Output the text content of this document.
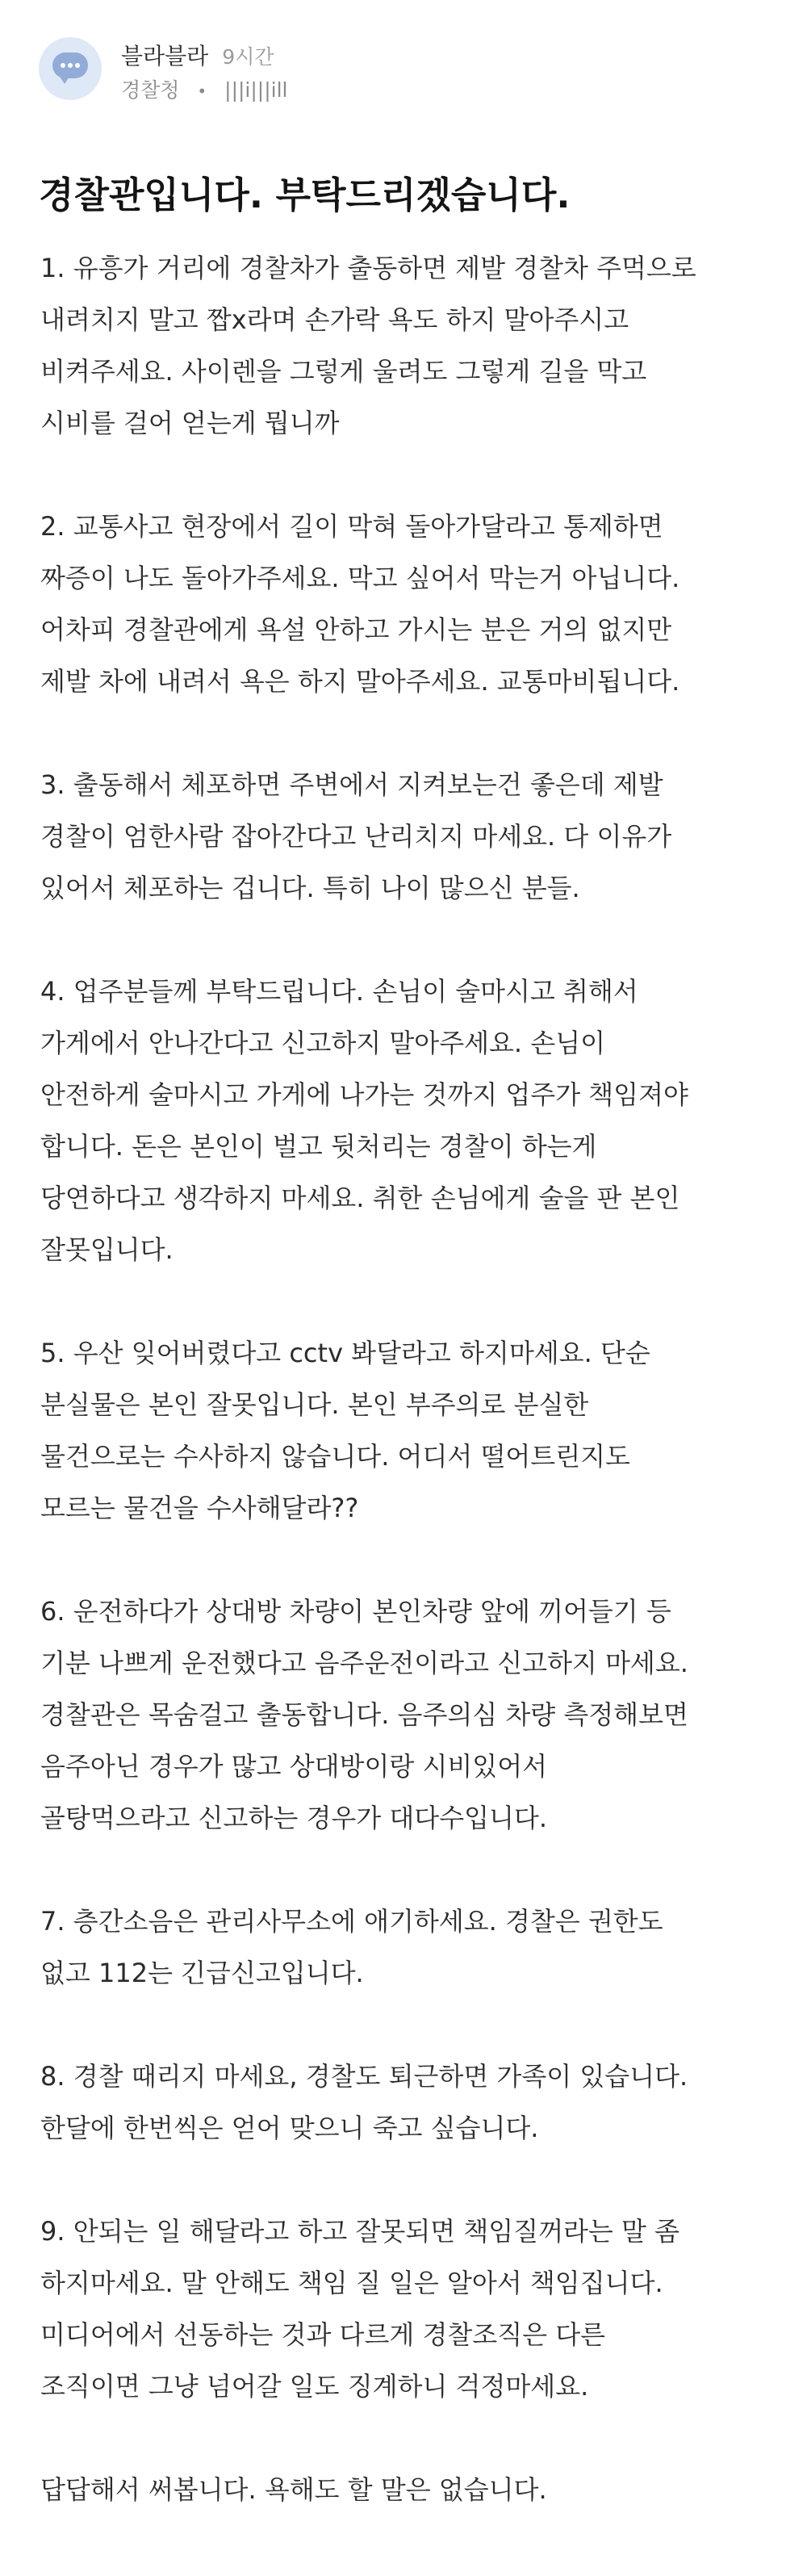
블라블라 9시간
경찰청 • |||i|||ill
경찰관입니다. 부탁드리겠습니다.
1. 유흥가 거리에 경찰차가 출동하면 제발 경찰차 주먹으로
내려치지 말고 짭x라며 손가락 욕도 하지 말아주시고
비켜주세요. 사이렌을 그렇게 울려도 그렇게 길을 막고
시비를 걸어 얻는게 뭡니까
2. 교통사고 현장에서 길이 막혀 돌아가달라고 통제하면
짜증이 나도 돌아가주세요. 막고 싶어서 막는거 아닙니다.
어차피 경찰관에게 욕설 안하고 가시는 분은 거의 없지만
제발 차에 내려서 욕은 하지 말아주세요. 교통마비됩니다.
3. 출동해서 체포하면 주변에서 지켜보는건 좋은데 제발
경찰이 엄한사람 잡아간다고 난리치지 마세요. 다 이유가
있어서 체포하는 겁니다. 특히 나이 많으신 분들.
4. 업주분들께 부탁드립니다. 손님이 술마시고 취해서
가게에서 안나간다고 신고하지 말아주세요. 손님이
안전하게 술마시고 가게에 나가는 것까지 업주가 책임져야
합니다. 돈은 본인이 벌고 뒷처리는 경찰이 하는게
당연하다고 생각하지 마세요. 취한 손님에게 술을 판 본인
잘못입니다.
5. 우산 잊어버렸다고 cctv 봐달라고 하지마세요. 단순
분실물은 본인 잘못입니다. 본인 부주의로 분실한
물건으로는 수사하지 않습니다. 어디서 떨어트린지도
모르는 물건을 수사해달라??
6. 운전하다가 상대방 차량이 본인차량 앞에 끼어들기 등
기분 나쁘게 운전했다고 음주운전이라고 신고하지 마세요.
경찰관은 목숨걸고 출동합니다. 음주의심 차량 측정해보면
음주아닌 경우가 많고 상대방이랑 시비있어서
골탕먹으라고 신고하는 경우가 대다수입니다.
7. 층간소음은 관리사무소에 애기하세요. 경찰은 권한도
없고 112는 긴급신고입니다.
8. 경찰 때리지 마세요, 경찰도 퇴근하면 가족이 있습니다.
한달에 한번씩은 얻어 맞으니 죽고 싶습니다.
9. 안되는 일 해달라고 하고 잘못되면 책임질꺼라는 말 좀
하지마세요. 말 안해도 책임 질 일은 알아서 책임집니다.
미디어에서 선동하는 것과 다르게 경찰조직은 다른
조직이면 그냥 넘어갈 일도 징계하니 걱정마세요.
답답해서 써봅니다. 욕해도 할 말은 없습니다.
